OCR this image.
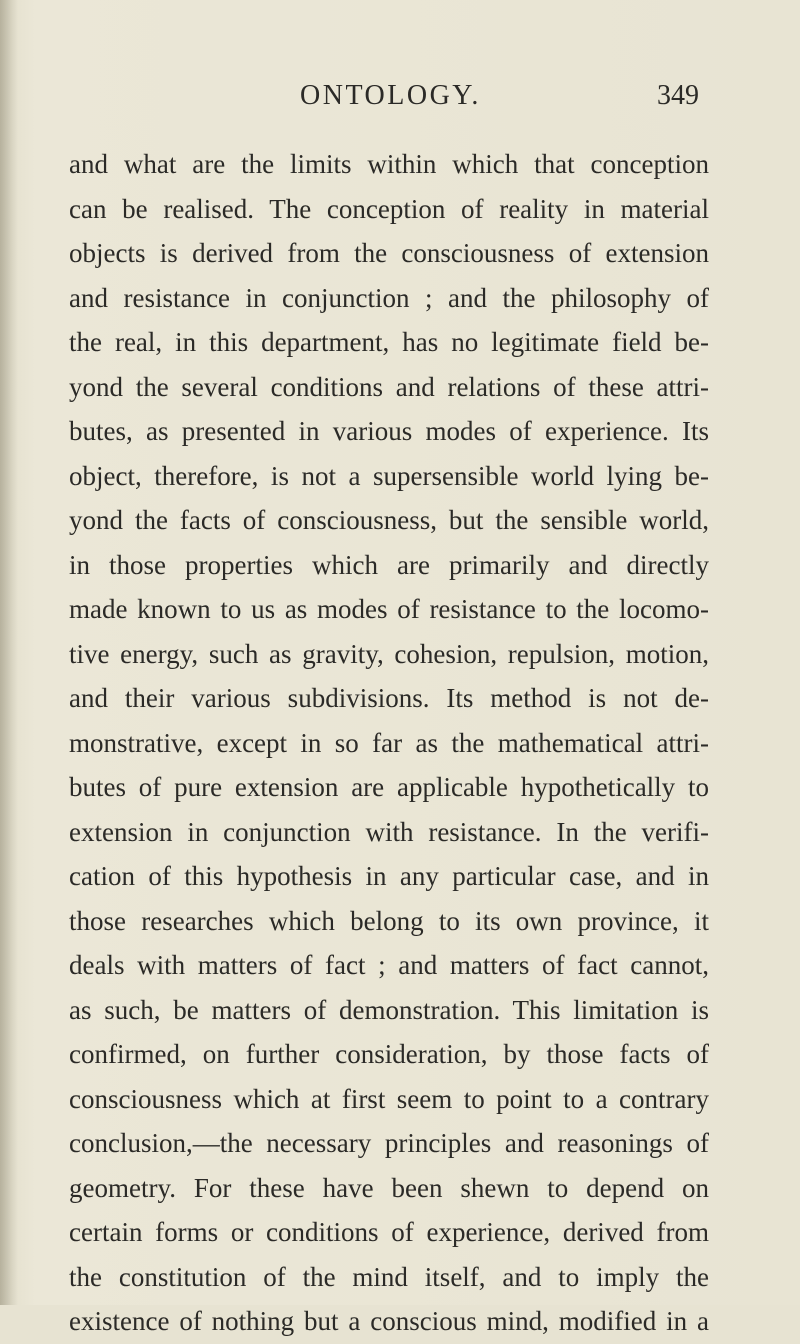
ONTOLOGY.	349
and what are the limits within which that conception
can be realised. The conception of reality in material
objects is derived from the consciousness of extension
and resistance in conjunction ; and the philosophy of
the real, in this department, has no legitimate field be-
yond the several conditions and relations of these attri-
butes, as presented in various modes of experience. Its
object, therefore, is not a supersensible world lying be-
yond the facts of consciousness, but the sensible world,
in those properties which are primarily and directly
made known to us as modes of resistance to the locomo-
tive energy, such as gravity, cohesion, repulsion, motion,
and their various subdivisions. Its method is not de-
monstrative, except in so far as the mathematical attri-
butes of pure extension are applicable hypothetically to
extension in conjunction with resistance. In the verifi-
cation of this hypothesis in any particular case, and in
those researches which belong to its own province, it
deals with matters of fact ; and matters of fact cannot,
as such, be matters of demonstration. This limitation is
confirmed, on further consideration, by those facts of
consciousness which at first seem to point to a contrary
conclusion,—the necessary principles and reasonings of
geometry. For these have been shewn to depend on
certain forms or conditions of experience, derived from
the constitution of the mind itself, and to imply the
existence of nothing but a conscious mind, modified in a
